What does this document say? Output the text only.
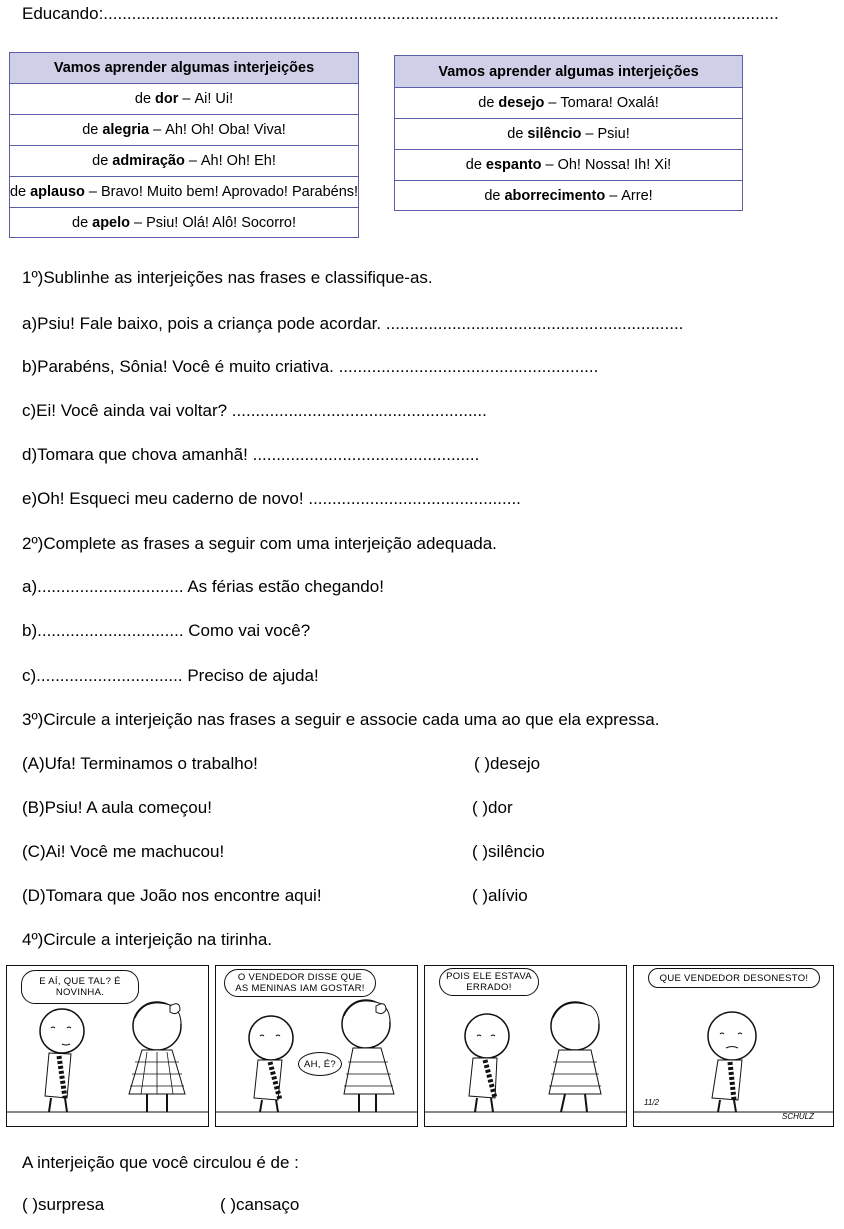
Educando:...............................................................................................................................................
Vamos aprender algumas interjeições
de dor – Ai! Ui!
de alegria – Ah! Oh! Oba! Viva!
de admiração – Ah! Oh! Eh!
de aplauso – Bravo! Muito bem! Aprovado! Parabéns!
de apelo – Psiu! Olá! Alô! Socorro!
Vamos aprender algumas interjeições
de desejo – Tomara! Oxalá!
de silêncio – Psiu!
de espanto – Oh! Nossa! Ih! Xi!
de aborrecimento – Arre!
1º)Sublinhe as interjeições nas frases e classifique-as.
a)Psiu! Fale baixo, pois a criança pode acordar. ...............................................................
b)Parabéns, Sônia! Você é muito criativa. .......................................................
c)Ei! Você ainda vai voltar? ......................................................
d)Tomara que chova amanhã! ................................................
e)Oh! Esqueci meu caderno de novo! .............................................
2º)Complete as frases a seguir com uma interjeição adequada.
a)............................... As férias estão chegando!
b)............................... Como vai você?
c)............................... Preciso de ajuda!
3º)Circule a interjeição nas frases a seguir e associe cada uma ao que ela expressa.
(A)Ufa! Terminamos o trabalho!	( )desejo
(B)Psiu! A aula começou!	( )dor
(C)Ai! Você me machucou!	( )silêncio
(D)Tomara que João nos encontre aqui!	( )alívio
4º)Circule a interjeição na tirinha.
E AÍ, QUE TAL? É NOVINHA.
O VENDEDOR DISSE QUE AS MENINAS IAM GOSTAR!
AH, É?
POIS ELE ESTAVA ERRADO!
QUE VENDEDOR DESONESTO!
11/2
SCHULZ
A interjeição que você circulou é de :
( )surpresa	( )cansaço
